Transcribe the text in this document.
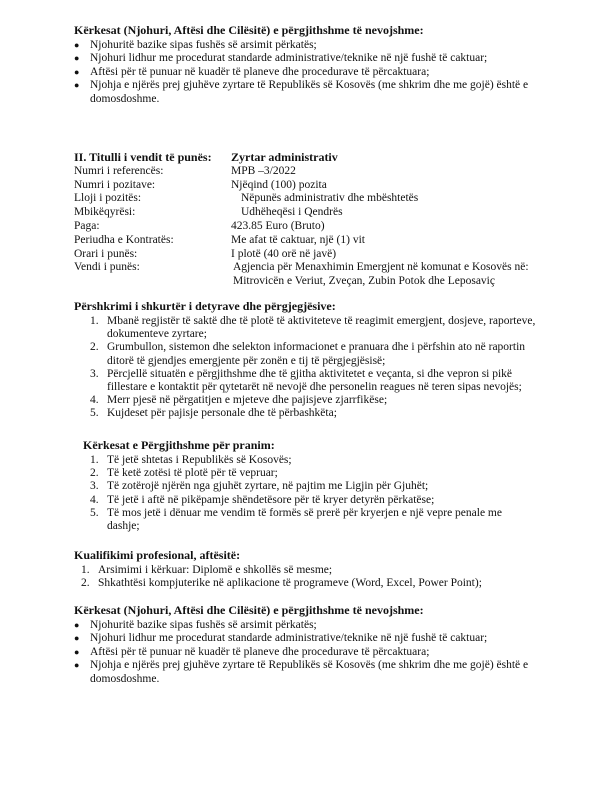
Kërkesat (Njohuri, Aftësi dhe Cilësitë) e përgjithshme të nevojshme:
● Njohuritë bazike sipas fushës së arsimit përkatës;
● Njohuri lidhur me procedurat standarde administrative/teknike në një fushë të caktuar;
● Aftësi për të punuar në kuadër të planeve dhe procedurave të përcaktuara;
● Njohja e njërës prej gjuhëve zyrtare të Republikës së Kosovës (me shkrim dhe me gojë) është e domosdoshme.
II. Titulli i vendit të punës:	Zyrtar administrativ
Numri i referencës:	MPB –3/2022
Numri i pozitave:	Njëqind (100) pozita
Lloji i pozitës:	Nëpunës administrativ dhe mbështetës
Mbikëqyrësi:	Udhëheqësi i Qendrës
Paga:	423.85 Euro (Bruto)
Periudha e Kontratës:	Me afat të caktuar, një (1) vit
Orari i punës:	I plotë (40 orë në javë)
Vendi i punës:	Agjencia për Menaxhimin Emergjent në komunat e Kosovës në: Mitrovicën e Veriut, Zveçan, Zubin Potok dhe Leposaviç
Përshkrimi i shkurtër i detyrave dhe përgjegjësive:
1. Mbanë regjistër të saktë dhe të plotë të aktiviteteve të reagimit emergjent, dosjeve, raporteve, dokumenteve zyrtare;
2. Grumbullon, sistemon dhe selekton informacionet e pranuara dhe i përfshin ato në raportin ditorë të gjendjes emergjente për zonën e tij të përgjegjësisë;
3. Përcjellë situatën e përgjithshme dhe të gjitha aktivitetet e veçanta, si dhe vepron si pikë fillestare e kontaktit për qytetarët në nevojë dhe personelin reagues në teren sipas nevojës;
4. Merr pjesë në përgatitjen e mjeteve dhe pajisjeve zjarrfikëse;
5. Kujdeset për pajisje personale dhe të përbashkëta;
Kërkesat e Përgjithshme për pranim:
1. Të jetë shtetas i Republikës së Kosovës;
2. Të ketë zotësi të plotë për të vepruar;
3. Të zotërojë njërën nga gjuhët zyrtare, në pajtim me Ligjin për Gjuhët;
4. Të jetë i aftë në pikëpamje shëndetësore për të kryer detyrën përkatëse;
5. Të mos jetë i dënuar me vendim të formës së prerë për kryerjen e një vepre penale me dashje;
Kualifikimi profesional, aftësitë:
1. Arsimimi i kërkuar: Diplomë e shkollës së mesme;
2. Shkathtësi kompjuterike në aplikacione të programeve (Word, Excel, Power Point);
Kërkesat (Njohuri, Aftësi dhe Cilësitë) e përgjithshme të nevojshme:
● Njohuritë bazike sipas fushës së arsimit përkatës;
● Njohuri lidhur me procedurat standarde administrative/teknike në një fushë të caktuar;
● Aftësi për të punuar në kuadër të planeve dhe procedurave të përcaktuara;
● Njohja e njërës prej gjuhëve zyrtare të Republikës së Kosovës (me shkrim dhe me gojë) është e domosdoshme.
